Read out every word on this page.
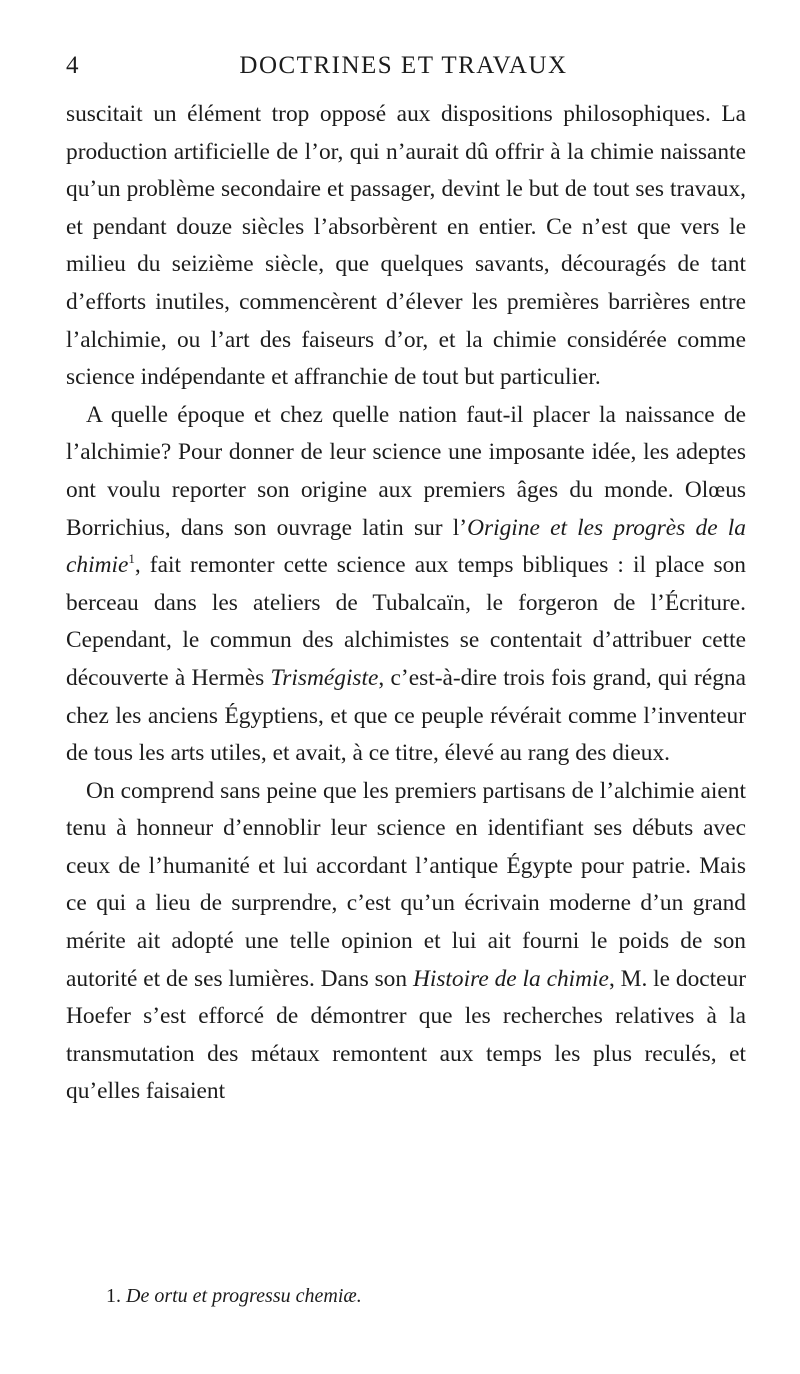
4	DOCTRINES ET TRAVAUX

suscitait un élément trop opposé aux dispositions philosophiques. La production artificielle de l’or, qui n’aurait dû offrir à la chimie naissante qu’un problème secondaire et passager, devint le but de tout ses travaux, et pendant douze siècles l’absorbèrent en entier. Ce n’est que vers le milieu du seizième siècle, que quelques savants, découragés de tant d’efforts inutiles, commencèrent d’élever les premières barrières entre l’alchimie, ou l’art des faiseurs d’or, et la chimie considérée comme science indépendante et affranchie de tout but particulier.

A quelle époque et chez quelle nation faut-il placer la naissance de l’alchimie? Pour donner de leur science une imposante idée, les adeptes ont voulu reporter son origine aux premiers âges du monde. Olœus Borrichius, dans son ouvrage latin sur l’Origine et les progrès de la chimie$^1$, fait remonter cette science aux temps bibliques : il place son berceau dans les ateliers de Tubalcaïn, le forgeron de l’Écriture. Cependant, le commun des alchimistes se contentait d’attribuer cette découverte à Hermès Trismégiste, c’est-à-dire trois fois grand, qui régna chez les anciens Égyptiens, et que ce peuple révérait comme l’inventeur de tous les arts utiles, et avait, à ce titre, élevé au rang des dieux.

On comprend sans peine que les premiers partisans de l’alchimie aient tenu à honneur d’ennoblir leur science en identifiant ses débuts avec ceux de l’humanité et lui accordant l’antique Égypte pour patrie. Mais ce qui a lieu de surprendre, c’est qu’un écrivain moderne d’un grand mérite ait adopté une telle opinion et lui ait fourni le poids de son autorité et de ses lumières. Dans son Histoire de la chimie, M. le docteur Hoefer s’est efforcé de démontrer que les recherches relatives à la transmutation des métaux remontent aux temps les plus reculés, et qu’elles faisaient

1. De ortu et progressu chemiæ.
